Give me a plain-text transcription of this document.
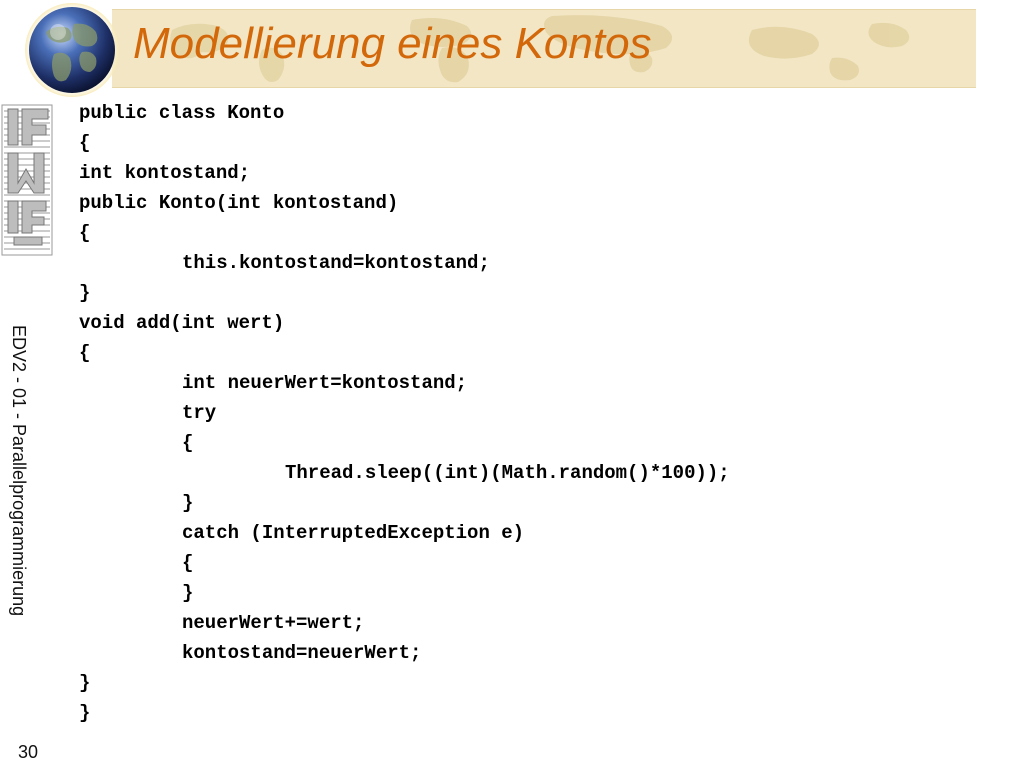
Modellierung eines Kontos
EDV2 - 01 - Parallelprogrammierung
30
public class Konto
{
int kontostand;
public Konto(int kontostand)
{
this.kontostand=kontostand;
}
void add(int wert)
{
int neuerWert=kontostand;
try
{
Thread.sleep((int)(Math.random()*100));
}
catch (InterruptedException e)
{
}
neuerWert+=wert;
kontostand=neuerWert;
}
}
